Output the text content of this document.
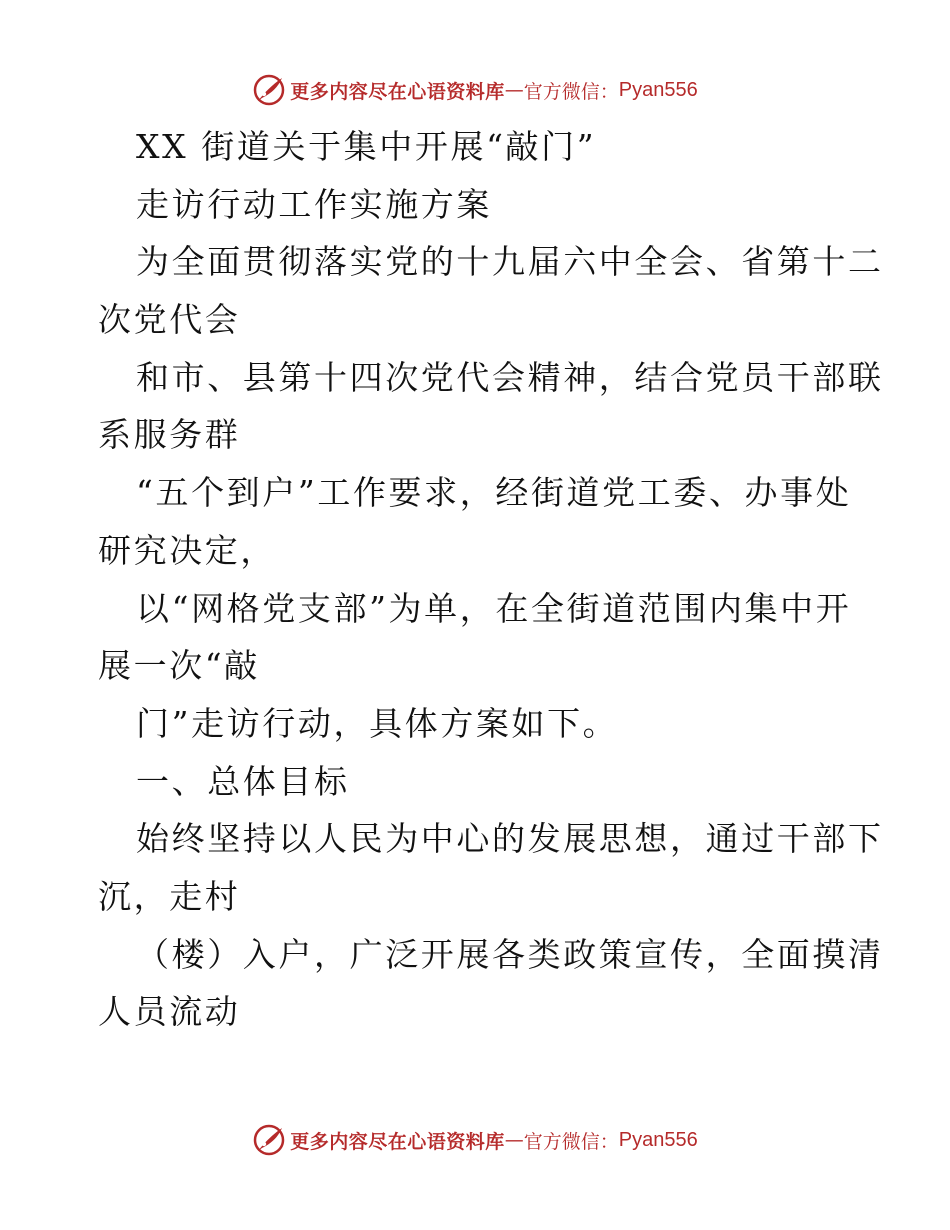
更多内容尽在心语资料库 — 官方微信： Pyan556
XX 街道关于集中开展“敲门”
走访行动工作实施方案
为全面贯彻落实党的十九届六中全会、省第十二
次党代会
和市、县第十四次党代会精神，结合党员干部联
系服务群
“五个到户”工作要求，经街道党工委、办事处
研究决定，
以“网格党支部”为单，在全街道范围内集中开
展一次“敲
门”走访行动，具体方案如下。
一、总体目标
始终坚持以人民为中心的发展思想，通过干部下
沉，走村
（楼）入户，广泛开展各类政策宣传，全面摸清
人员流动
更多内容尽在心语资料库 — 官方微信： Pyan556
